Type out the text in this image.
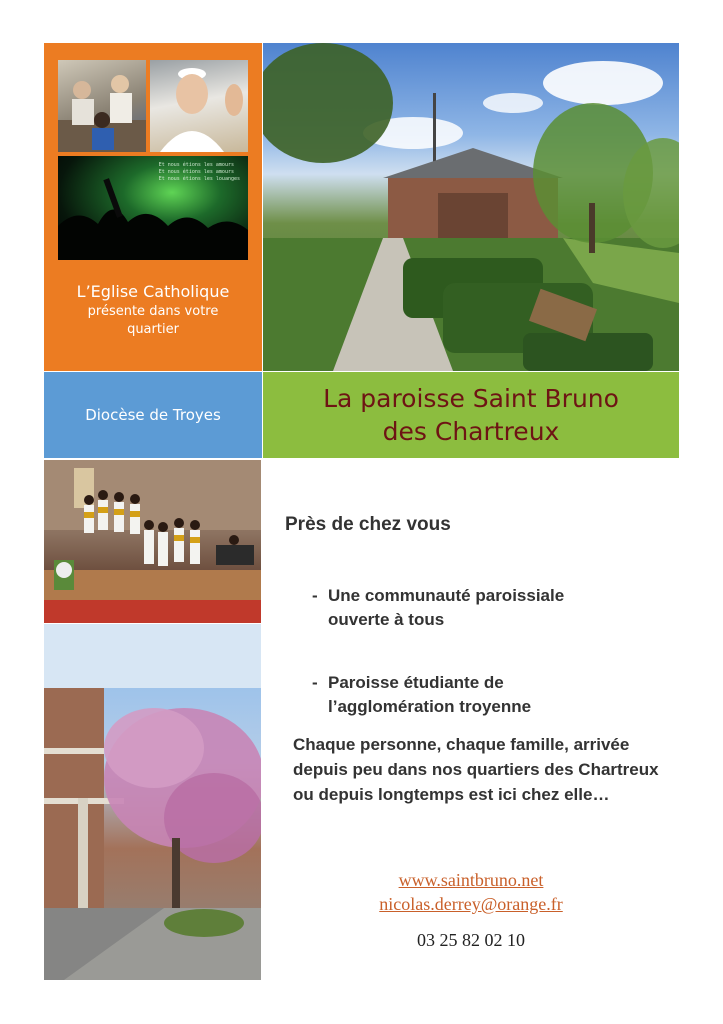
Et nous étions les amours
Et nous étions les amours
Et nous étions les louanges
L’Eglise Catholique
présente dans votre
quartier
Diocèse de Troyes
La paroisse Saint Bruno
des Chartreux
Près de chez vous
- Une communauté paroissiale
ouverte à tous
- Paroisse étudiante de
l’agglomération troyenne
Chaque personne, chaque famille, arrivée depuis peu dans nos quartiers des Chartreux ou depuis longtemps est ici chez elle…
www.saintbruno.net
nicolas.derrey@orange.fr
03 25 82 02 10
